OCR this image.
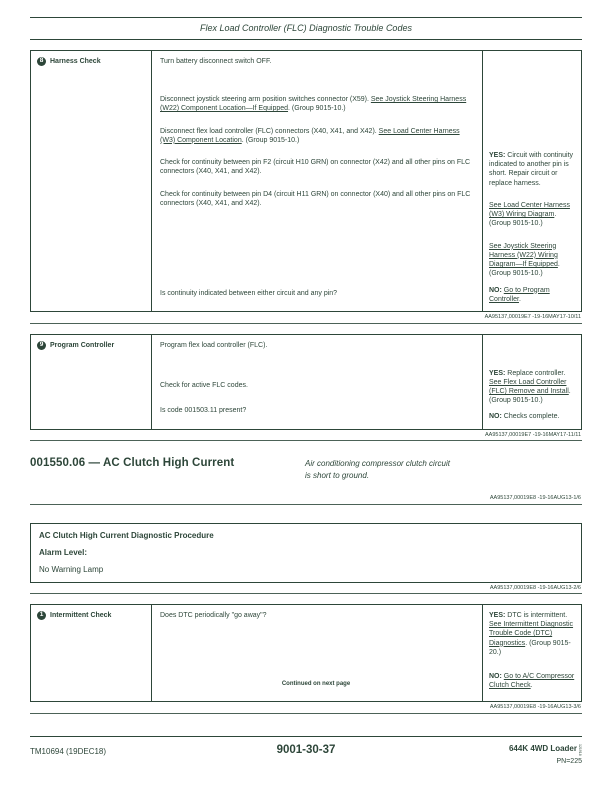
Flex Load Controller (FLC) Diagnostic Trouble Codes
8 Harness Check	Turn battery disconnect switch OFF.

Disconnect joystick steering arm position switches connector (X59). See Joystick Steering Harness (W22) Component Location—If Equipped. (Group 9015-10.)

Disconnect flex load controller (FLC) connectors (X40, X41, and X42). See Load Center Harness (W3) Component Location. (Group 9015-10.)

Check for continuity between pin F2 (circuit H10 GRN) on connector (X42) and all other pins on FLC connectors (X40, X41, and X42).

Check for continuity between pin D4 (circuit H11 GRN) on connector (X40) and all other pins on FLC connectors (X40, X41, and X42).

Is continuity indicated between either circuit and any pin?

YES: Circuit with continuity indicated to another pin is short. Repair circuit or replace harness.

See Load Center Harness (W3) Wiring Diagram. (Group 9015-10.)

See Joystick Steering Harness (W22) Wiring Diagram—If Equipped. (Group 9015-10.)

NO: Go to Program Controller.

AA95137,00019E7 -19-16MAY17-10/11
9 Program Controller	Program flex load controller (FLC).

Check for active FLC codes.

Is code 001503.11 present?

YES: Replace controller. See Flex Load Controller (FLC) Remove and Install. (Group 9015-10.)

NO: Checks complete.

AA95137,00019E7 -19-16MAY17-11/11
001550.06 — AC Clutch High Current	Air conditioning compressor clutch circuit
is short to ground.
AA95137,00019E8 -19-16AUG13-1/6
AC Clutch High Current Diagnostic Procedure
Alarm Level:
No Warning Lamp
AA95137,00019E8 -19-16AUG13-2/6
1 Intermittent Check	Does DTC periodically "go away"?

Continued on next page

YES: DTC is intermittent. See Intermittent Diagnostic Trouble Code (DTC) Diagnostics. (Group 9015-20.)

NO: Go to A/C Compressor Clutch Check.

AA95137,00019E8 -19-16AUG13-3/6
TM10694 (19DEC18)	9001-30-37	644K 4WD Loader121918
PN=225
